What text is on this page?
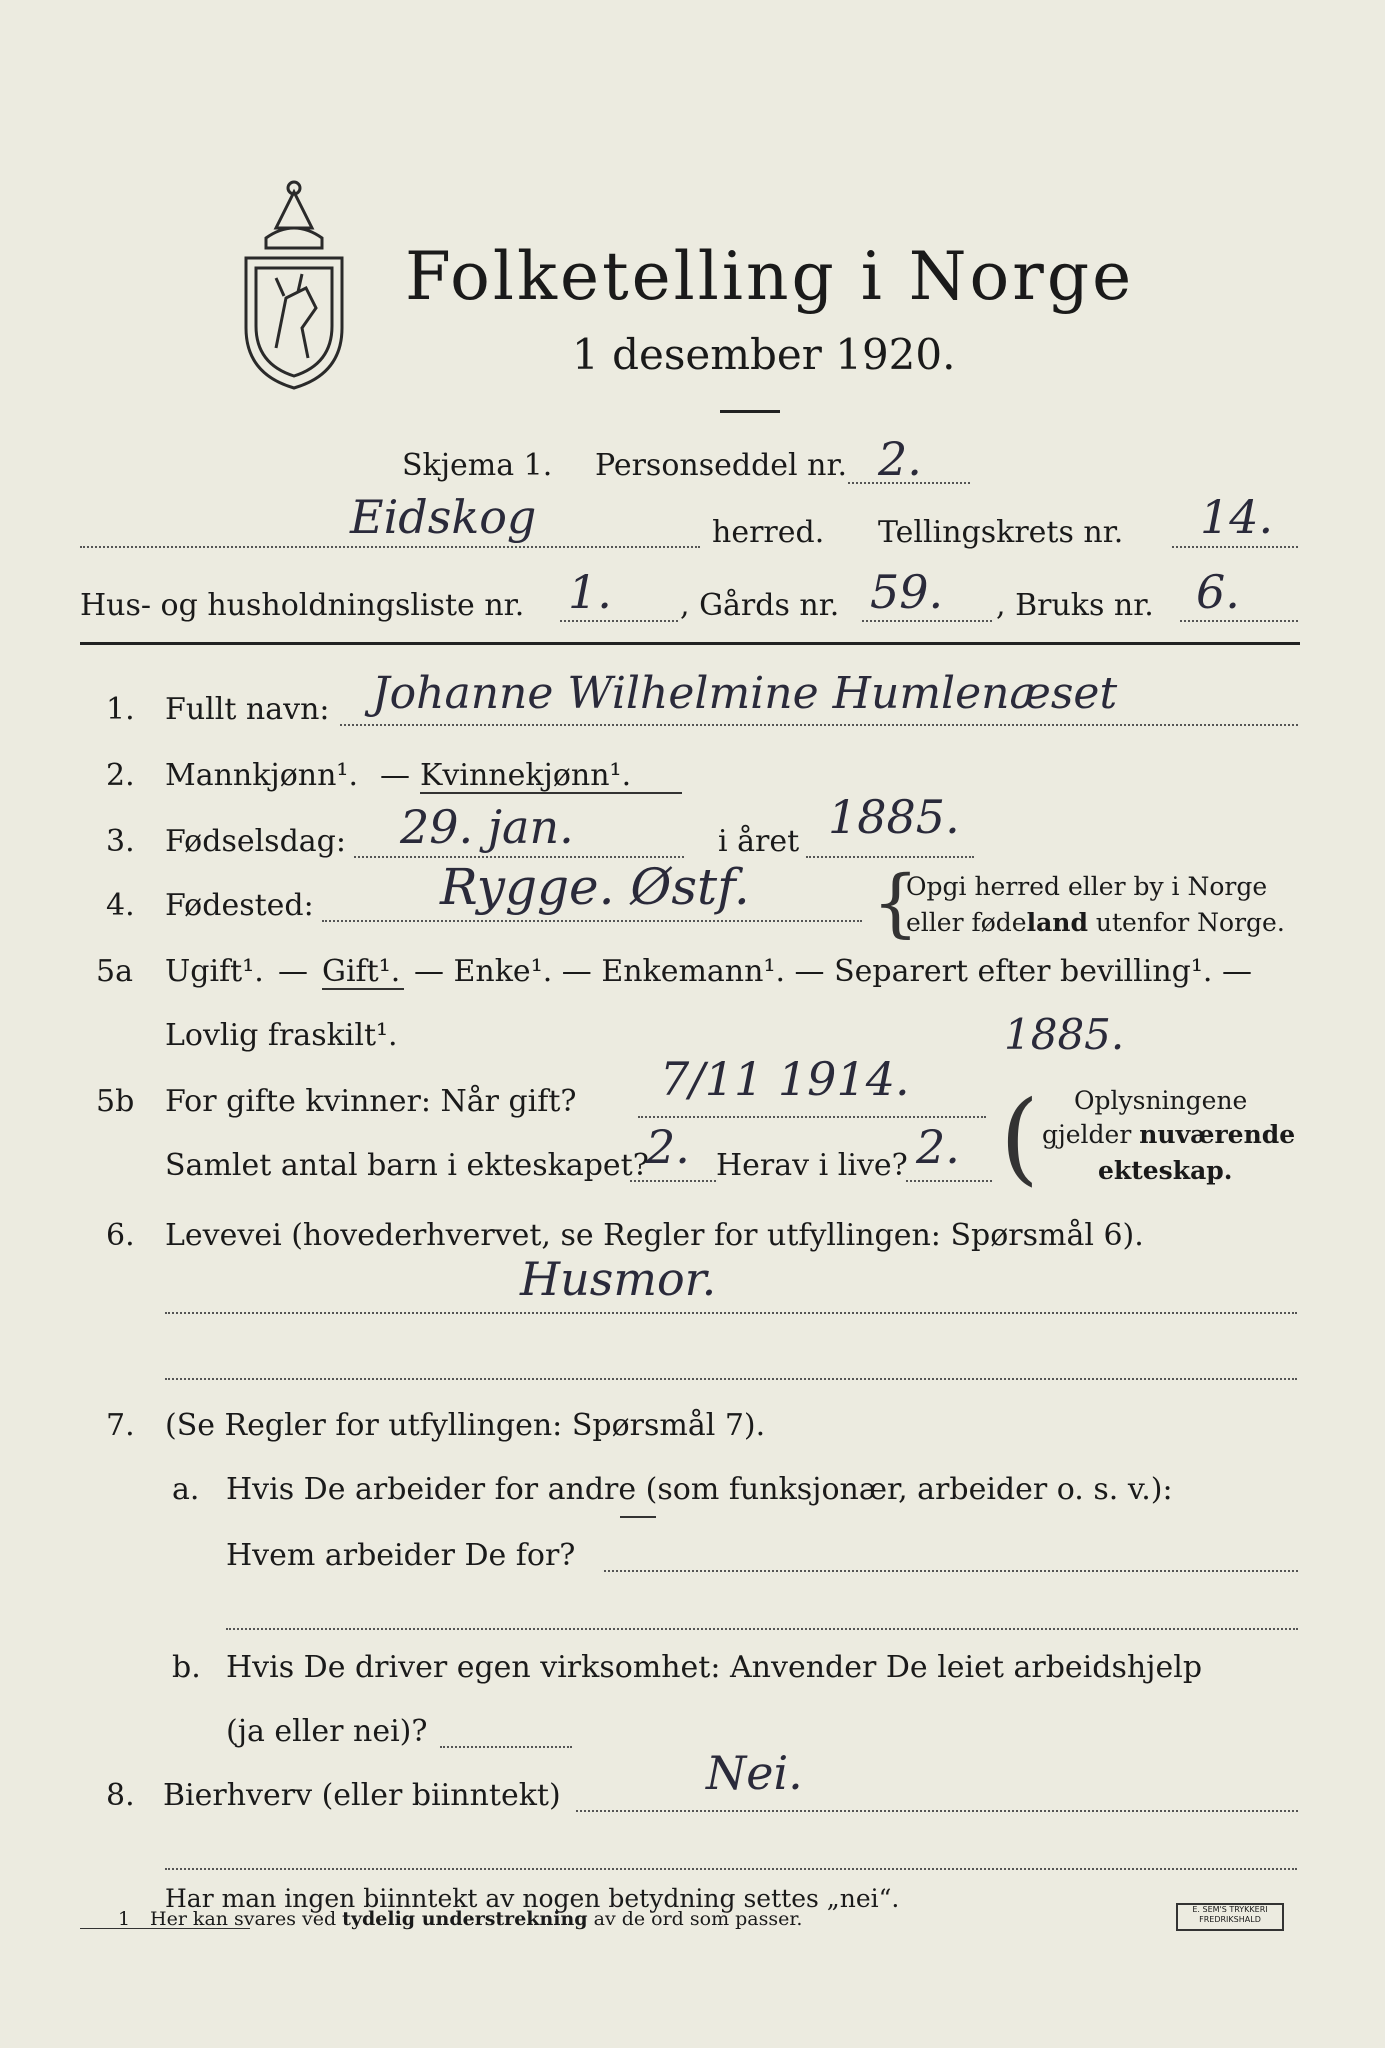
Folketelling i Norge
1 desember 1920.
Skjema 1. Personseddel nr. 2.
Eidskog	herred. Tellingskrets nr. 14.
Hus- og husholdningsliste nr. 1. , Gårds nr. 59. , Bruks nr. 6.
1. Fullt navn: Johanne Wilhelmine Humlenæset
2. Mannkjønn¹. — Kvinnekjønn¹.
3. Fødselsdag: 29. jan.	i året 1885.
4. Fødested:	Rygge. Østf. {
Opgi herred eller by i Norge
eller fødeland utenfor Norge.
5a Ugift¹. — Gift¹. — Enke¹. — Enkemann¹. — Separert efter bevilling¹. —
Lovlig fraskilt¹.
5b For gifte kvinner: Når gift? 7/11 1914.
1885.
Samlet antal barn i ekteskapet?
2. Herav i live? 2. ( Oplysningene
gjelder nuværende
ekteskap.
6. Levevei (hovederhvervet, se Regler for utfyllingen: Spørsmål 6).
Husmor.
7. (Se Regler for utfyllingen: Spørsmål 7).
a. Hvis De arbeider for andre (som funksjonær, arbeider o. s. v.):
Hvem arbeider De for?
b. Hvis De driver egen virksomhet: Anvender De leiet arbeidshjelp
(ja eller nei)?
8. Bierhverv (eller biinntekt)	Nei.
Har man ingen biinntekt av nogen betydning settes „nei“.
1 Her kan svares ved tydelig understrekning av de ord som passer.	E. SEM'S TRYKKERI FREDRIKSHALD
